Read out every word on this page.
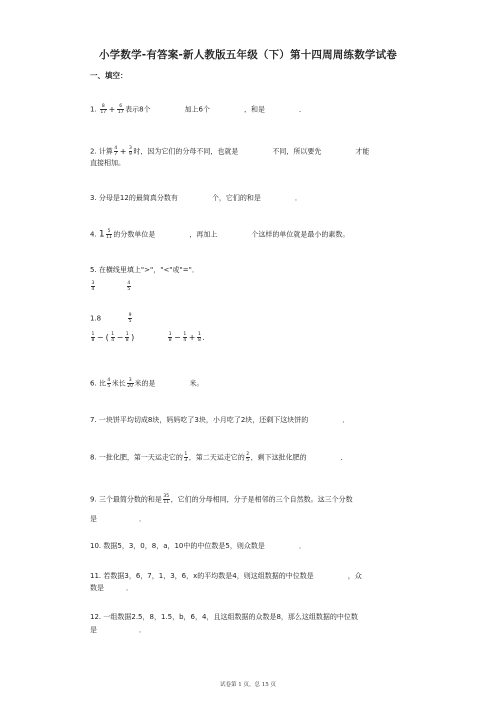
小学数学-有答案-新人教版五年级（下）第十四周周练数学试卷
一、填空：
1. $\frac{8}{17} + \frac{6}{17}$ 表示8个	加上6个	，和是	．
2. 计算 $\frac{4}{7} + \frac{3}{9}$ 时，因为它们的分母不同，也就是	不同，所以要先	才能
直接相加。
3. 分母是12的最简真分数有	个，它们的和是	．
4. $1 \frac{5}{11}$ 的分数单位是	，再加上	个这样的单位就是最小的素数。
5. 在横线里填上">"，"<"或"="．
$\frac{3}{4}$	$\frac{4}{5}$
1.8	$\frac{9}{5}$
$\frac{1}{8}$ − ( $\frac{1}{4} - \frac{1}{8}$ )	$\frac{1}{8} - \frac{1}{4} + \frac{1}{8}$ ．
6. 比 $\frac{4}{5}$ 米长 $\frac{3}{20}$ 米的是	米。
7. 一块饼平均切成8块，妈妈吃了3块，小月吃了2块，还剩下这块饼的	．
8. 一批化肥，第一天运走它的 $\frac{1}{3}$ ，第二天运走它的 $\frac{2}{5}$ ，剩下这批化肥的	．
9. 三个最简分数的和是 $\frac{35}{11}$ ，它们的分母相同，分子是相邻的三个自然数。这三个分数
是	．
10. 数据5，3，0，8，a，10中的中位数是5，则众数是	．
11. 若数据3，6，7，1，3，6，x的平均数是4，则这组数据的中位数是	，众
数是	．
12. 一组数据2.5，8，1.5，b，6，4，且这组数据的众数是8，那么这组数据的中位数
是	．
试卷第 1 页，总 15 页
